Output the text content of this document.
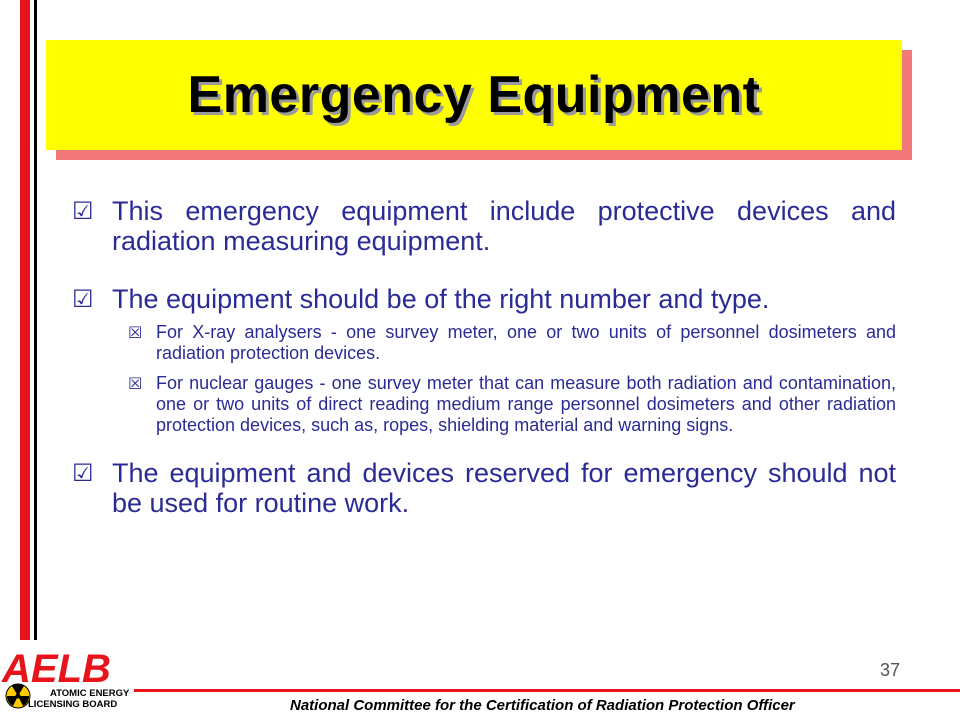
Emergency Equipment
☑ This emergency equipment include protective devices and radiation measuring equipment.
☑ The equipment should be of the right number and type.
☒ For X-ray analysers - one survey meter, one or two units of personnel dosimeters and radiation protection devices.
☒ For nuclear gauges - one survey meter that can measure both radiation and contamination, one or two units of direct reading medium range personnel dosimeters and other radiation protection devices, such as, ropes, shielding material and warning signs.
☑ The equipment and devices reserved for emergency should not be used for routine work.
37
National Committee for the Certification of Radiation Protection Officer
AELB
ATOMIC ENERGY
LICENSING BOARD
